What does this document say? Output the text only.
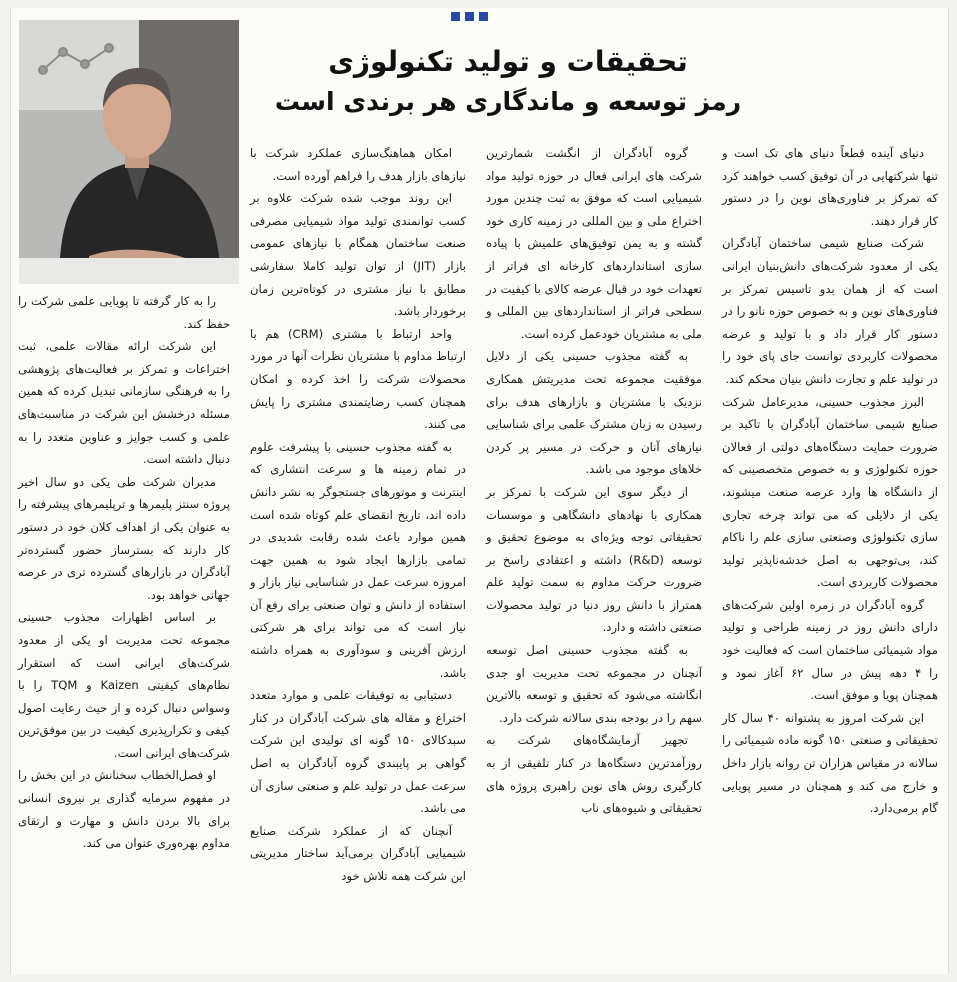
تحقیقات و تولید تکنولوژی
رمز توسعه و ماندگاری هر برندی است

دنیای آینده قطعاً دنیای های تک است و تنها شرکتهایی در آن توفیق کسب خواهند کرد که تمرکز بر فناوری‌های نوین را در دستور کار قرار دهند.

شرکت صنایع شیمی ساختمان آبادگران یکی از معدود شرکت‌های دانش‌بنیان ایرانی است که از همان بدو تاسیس تمرکز بر فناوری‌های نوین و به خصوص حوزه نانو را در دستور کار قرار داد و با تولید و عرضه محصولات کاربردی توانست جای پای خود را در تولید علم و تجارت دانش بنیان محکم کند.

البرز مجذوب حسینی، مدیرعامل شرکت صنایع شیمی ساختمان آبادگران با تاکید بر ضرورت حمایت دستگاه‌های دولتی از فعالان حوزه تکنولوژی و به خصوص متخصصینی که از دانشگاه ها وارد عرصه صنعت میشوند، یکی از دلایلی که می تواند چرخه تجاری سازی تکنولوژی وصنعتی سازی علم را ناکام کند، بی‌توجهی به اصل خدشه‌ناپذیر تولید محصولات کاربردی است.

گروه آبادگران در زمره اولین شرکت‌های دارای دانش روز در زمینه طراحی و تولید مواد شیمیائی ساختمان است که فعالیت خود را ۴ دهه پیش در سال ۶۲ آغاز نمود و همچنان پویا و موفق است.

این شرکت امروز به پشتوانه ۴۰ سال کار تحقیقاتی و صنعتی ۱۵۰ گونه ماده شیمیائی را سالانه در مقیاس هزاران تن روانه بازار داخل و خارج می کند و همچنان در مسیر پویایی گام برمی‌دارد.

گروه آبادگران از انگشت شمارترین شرکت های ایرانی فعال در حوزه تولید مواد شیمیایی است که موفق به ثبت چندین مورد اختراع ملی و بین المللی در زمینه کاری خود گشته و به یمن توفیق‌های علمیش با پیاده سازی استانداردهای کارخانه ای فراتر از تعهدات خود در قبال عرضه کالای با کیفیت در سطحی فراتر از استانداردهای بین المللی و ملی به مشتریان خودعمل کرده است.

به گفته مجذوب حسینی یکی از دلایل موفقیت مجموعه تحت مدیریتش همکاری نزدیک با مشتریان و بازارهای هدف برای رسیدن به زبان مشترک علمی برای شناسایی نیازهای آنان و حرکت در مسیر پر کردن خلاهای موجود می باشد.

از دیگر سوی این شرکت با تمرکز بر همکاری با نهادهای دانشگاهی و موسسات تحقیقاتی توجه ویژه‌ای به موضوع تحقیق و توسعه (R&D) داشته و اعتقادی راسخ بر ضرورت حرکت مداوم به سمت تولید علم همتراز با دانش روز دنیا در تولید محصولات صنعتی داشته و دارد.

به گفته مجذوب حسینی اصل توسعه آنچنان در مجموعه تحت مدیریت او جدی انگاشته می‌شود که تحقیق و توسعه بالاترین سهم را در بودجه بندی سالانه شرکت دارد.

تجهیز آزمایشگاه‌های شرکت به روزآمدترین دستگاه‌ها در کنار تلفیقی از به کارگیری روش های نوین راهبری پروژه های تحقیقاتی و شیوه‌های ناب

امکان هماهنگ‌سازی عملکرد شرکت با نیازهای بازار هدف را فراهم آورده است.

این روند موجب شده شرکت علاوه بر کسب توانمندی تولید مواد شیمیایی مصرفی صنعت ساختمان همگام با نیازهای عمومی بازار (JIT) از توان تولید کاملا سفارشی مطابق با نیاز مشتری در کوتاه‌ترین زمان برخوردار باشد.

واحد ارتباط با مشتری (CRM) هم با ارتباط مداوم با مشتریان نظرات آنها در مورد محصولات شرکت را اخذ کرده و امکان همچنان کسب رضایتمندی مشتری را پایش می کنند.

به گفته مجذوب حسینی با پیشرفت علوم در تمام زمینه ها و سرعت انتشاری که اینترنت و موتورهای جستجوگر به نشر دانش داده اند، تاریخ انقضای علم کوتاه شده است همین موارد باعث شده رقابت شدیدی در تمامی بازارها ایجاد شود به همین جهت امروزه سرعت عمل در شناسایی نیاز بازار و استفاده از دانش و توان صنعتی برای رفع آن نیاز است که می تواند برای هر شرکتی ارزش آفرینی و سودآوری به همراه داشته باشد.

دستیابی به توفیقات علمی و موارد متعدد اختراع و مقاله های شرکت آبادگران در کنار سبدکالای ۱۵۰ گونه ای تولیدی این شرکت گواهی بر پایبندی گروه آبادگران به اصل سرعت عمل در تولید علم و صنعتی سازی آن می باشد.

آنچنان که از عملکرد شرکت صنایع شیمیایی آبادگران برمی‌آید ساختار مدیریتی این شرکت همه تلاش خود

را به کار گرفته تا پویایی علمی شرکت را حفظ کند.

این شرکت ارائه مقالات علمی، ثبت اختراعات و تمرکز بر فعالیت‌های پژوهشی را به فرهنگی سازمانی تبدیل کرده که همین مسئله درخشش این شرکت در مناسبت‌های علمی و کسب جوایز و عناوین متعدد را به دنبال داشته است.

مدیران شرکت طی یکی دو سال اخیر پروژه سنتز پلیمرها و ترپلیمرهای پیشرفته را به عنوان یکی از اهداف کلان خود در دستور کار دارند که بسترساز حضور گسترده‌تر آبادگران در بازارهای گسترده تری در عرصه جهانی خواهد بود.

بر اساس اظهارات مجذوب حسینی مجموعه تحت مدیریت او یکی از معدود شرکت‌های ایرانی است که استقرار نظام‌های کیفیتی Kaizen و TQM را با وسواس دنبال کرده و از حیث رعایت اصول کیفی و تکرارپذیری کیفیت در بین موفق‌ترین شرکت‌های ایرانی است.

او فصل‌الخطاب سخنانش در این بخش را در مفهوم سرمایه گذاری بر نیروی انسانی برای بالا بردن دانش و مهارت و ارتقای مداوم بهره‌وری عنوان می کند.
